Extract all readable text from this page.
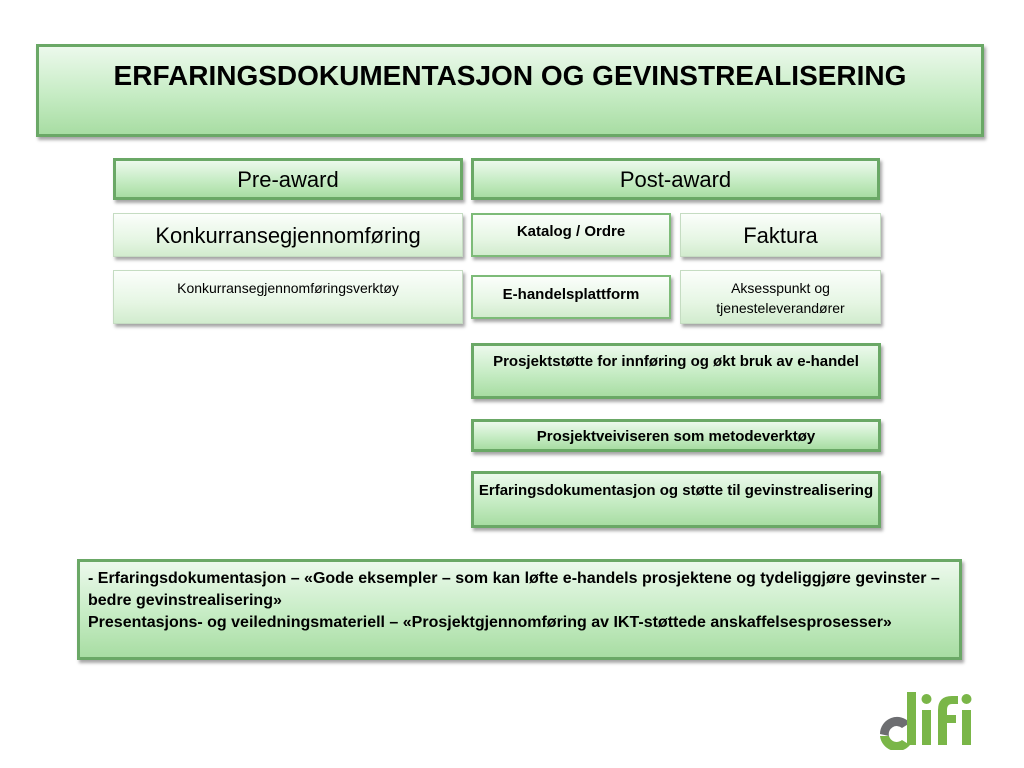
ERFARINGSDOKUMENTASJON OG GEVINSTREALISERING
Pre-award	Post-award
Konkurransegjennomføring	Katalog / Ordre	Faktura
Konkurransegjennomføringsverktøy	E-handelsplattform	Aksesspunkt og tjenesteleverandører
Prosjektstøtte for innføring og økt bruk av e-handel
Prosjektveiviseren som metodeverktøy
Erfaringsdokumentasjon og støtte til gevinstrealisering
- Erfaringsdokumentasjon – «Gode eksempler – som kan løfte e-handels prosjektene og tydeliggjøre gevinster – bedre gevinstrealisering»
Presentasjons- og veiledningsmateriell – «Prosjektgjennomføring av IKT-støttede anskaffelsesprosesser»
